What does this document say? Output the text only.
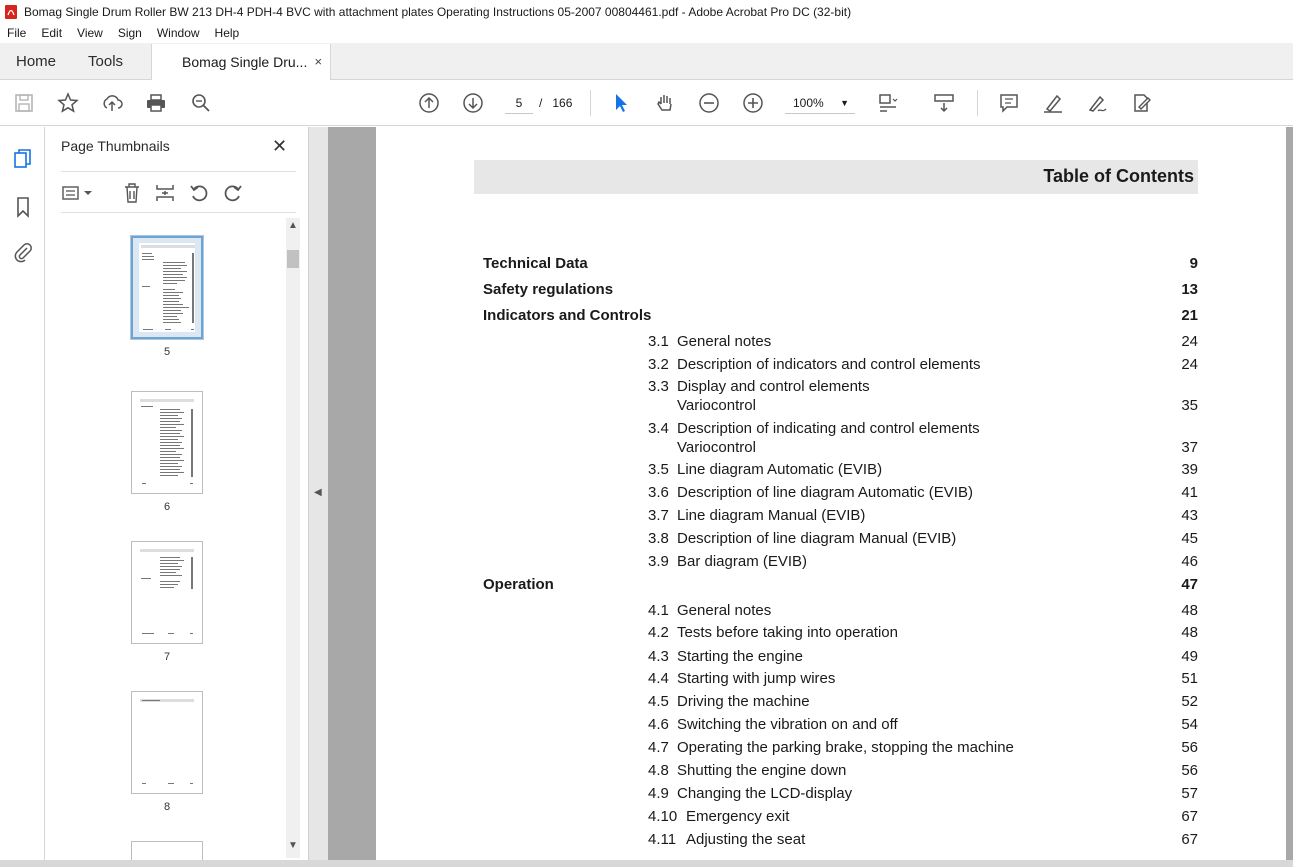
Bomag Single Drum Roller BW 213 DH-4 PDH-4 BVC with attachment plates Operating Instructions 05-2007 00804461.pdf - Adobe Acrobat Pro DC (32-bit)
File	Edit	View	Sign	Window	Help
Home	Tools	Bomag Single Dru... ×
5	/ 166	100% ▼
Page Thumbnails	✕
5
6
7
8
▲
▼
◀
Table of Contents
Technical Data	9
Safety regulations	13
Indicators and Controls	21
3.1 General notes	24
3.2 Description of indicators and control elements	24
3.3 Display and control elements
Variocontrol	35
3.4 Description of indicating and control elements
Variocontrol	37
3.5 Line diagram Automatic (EVIB)	39
3.6 Description of line diagram Automatic (EVIB)	41
3.7 Line diagram Manual (EVIB)	43
3.8 Description of line diagram Manual (EVIB)	45
3.9 Bar diagram (EVIB)	46
Operation	47
4.1 General notes	48
4.2 Tests before taking into operation	48
4.3 Starting the engine	49
4.4 Starting with jump wires	51
4.5 Driving the machine	52
4.6 Switching the vibration on and off	54
4.7 Operating the parking brake, stopping the machine	56
4.8 Shutting the engine down	56
4.9 Changing the LCD-display	57
4.10 Emergency exit	67
4.11 Adjusting the seat	67
